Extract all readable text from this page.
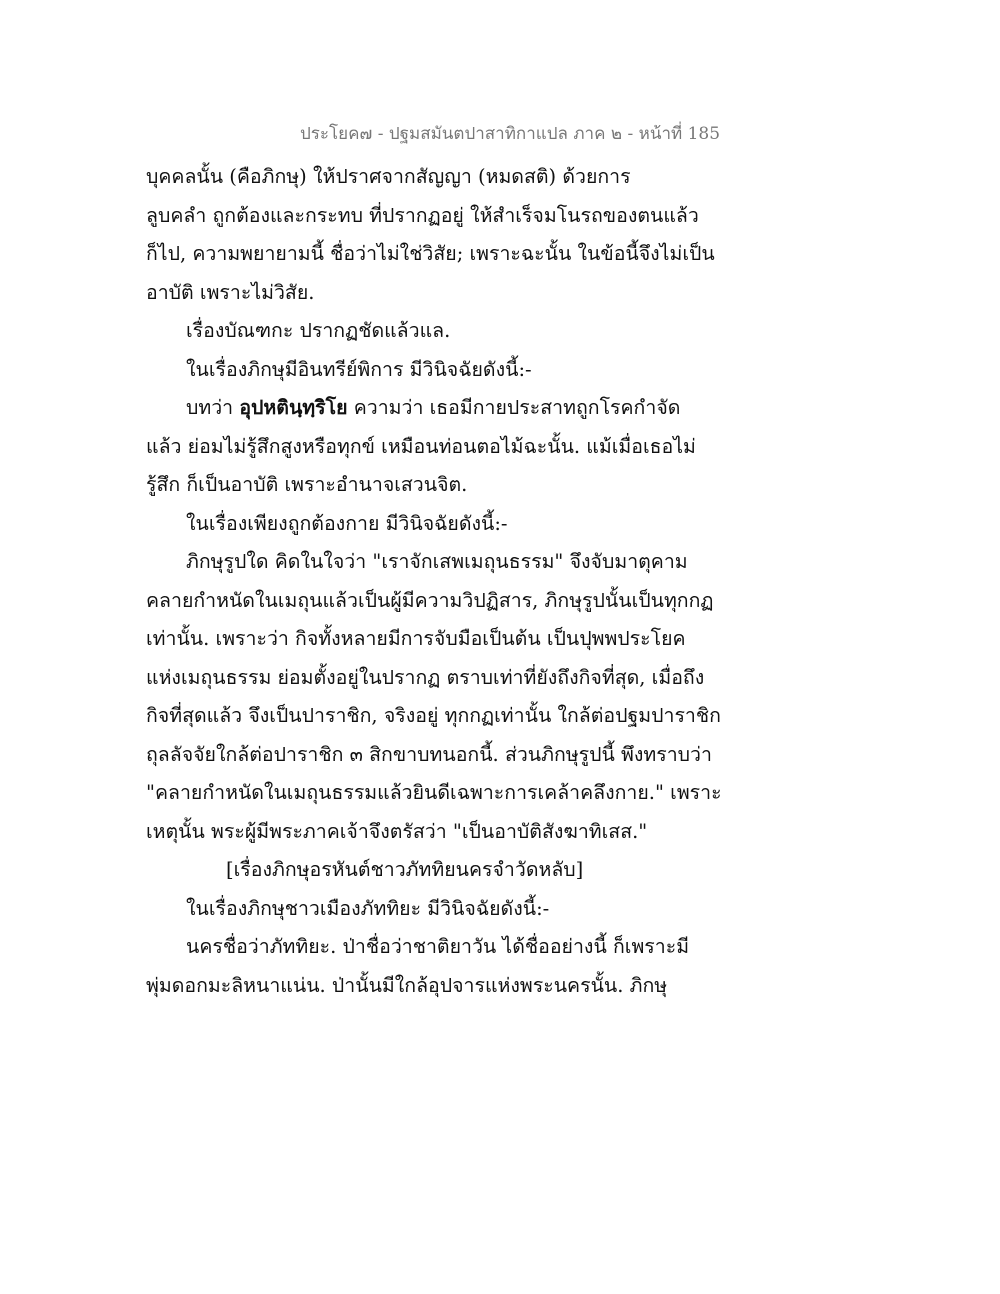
ประโยค๗ - ปฐมสมันตปาสาทิกาแปล ภาค ๒ - หน้าที่ 185
บุคคลนั้น (คือภิกษุ) ให้ปราศจากสัญญา (หมดสติ) ด้วยการ
ลูบคลำ ถูกต้องและกระทบ ที่ปรากฏอยู่ ให้สำเร็จมโนรถของตนแล้ว
ก็ไป, ความพยายามนี้ ชื่อว่าไม่ใช่วิสัย; เพราะฉะนั้น ในข้อนี้จึงไม่เป็น
อาบัติ เพราะไม่วิสัย.
เรื่องบัณฑกะ ปรากฏชัดแล้วแล.
ในเรื่องภิกษุมีอินทรีย์พิการ มีวินิจฉัยดังนี้:-
บทว่า อุปหตินฺทฺริโย ความว่า เธอมีกายประสาทถูกโรคกำจัด
แล้ว ย่อมไม่รู้สึกสูงหรือทุกข์ เหมือนท่อนตอไม้ฉะนั้น. แม้เมื่อเธอไม่
รู้สึก ก็เป็นอาบัติ เพราะอำนาจเสวนจิต.
ในเรื่องเพียงถูกต้องกาย มีวินิจฉัยดังนี้:-
ภิกษุรูปใด คิดในใจว่า "เราจักเสพเมถุนธรรม" จึงจับมาตุคาม
คลายกำหนัดในเมถุนแล้วเป็นผู้มีความวิปฏิสาร, ภิกษุรูปนั้นเป็นทุกกฏ
เท่านั้น. เพราะว่า กิจทั้งหลายมีการจับมือเป็นต้น เป็นปุพพประโยค
แห่งเมถุนธรรม ย่อมตั้งอยู่ในปรากฏ ตราบเท่าที่ยังถึงกิจที่สุด, เมื่อถึง
กิจที่สุดแล้ว จึงเป็นปาราชิก, จริงอยู่ ทุกกฏเท่านั้น ใกล้ต่อปฐมปาราชิก
ถุลลัจจัยใกล้ต่อปาราชิก ๓ สิกขาบทนอกนี้. ส่วนภิกษุรูปนี้ พึงทราบว่า
"คลายกำหนัดในเมถุนธรรมแล้วยินดีเฉพาะการเคล้าคลึงกาย." เพราะ
เหตุนั้น พระผู้มีพระภาคเจ้าจึงตรัสว่า "เป็นอาบัติสังฆาทิเสส."
[เรื่องภิกษุอรหันต์ชาวภัททิยนครจำวัดหลับ]
ในเรื่องภิกษุชาวเมืองภัททิยะ มีวินิจฉัยดังนี้:-
นครชื่อว่าภัททิยะ. ป่าชื่อว่าชาติยาวัน ได้ชื่ออย่างนี้ ก็เพราะมี
พุ่มดอกมะลิหนาแน่น. ป่านั้นมีใกล้อุปจารแห่งพระนครนั้น. ภิกษุ
